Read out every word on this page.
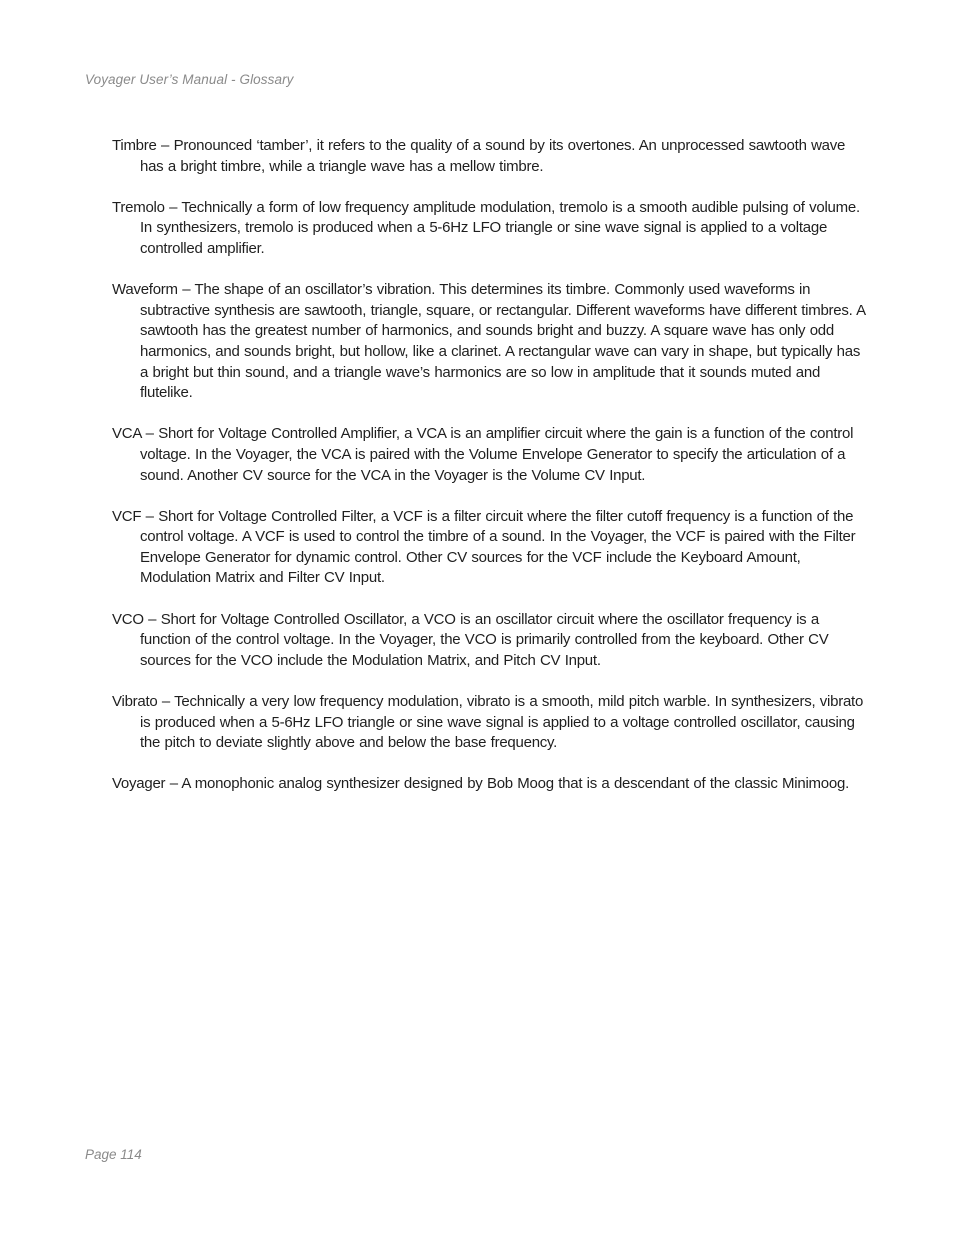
Voyager User’s Manual - Glossary

Timbre – Pronounced ‘tamber’, it refers to the quality of a sound by its overtones. An unprocessed sawtooth wave has a bright timbre, while a triangle wave has a mellow timbre.

Tremolo – Technically a form of low frequency amplitude modulation, tremolo is a smooth audible pulsing of volume. In synthesizers, tremolo is produced when a 5-6Hz LFO triangle or sine wave signal is applied to a voltage controlled amplifier.

Waveform – The shape of an oscillator’s vibration. This determines its timbre. Commonly used waveforms in subtractive synthesis are sawtooth, triangle, square, or rectangular. Different waveforms have different timbres. A sawtooth has the greatest number of harmonics, and sounds bright and buzzy. A square wave has only odd harmonics, and sounds bright, but hollow, like a clarinet. A rectangular wave can vary in shape, but typically has a bright but thin sound, and a triangle wave’s harmonics are so low in amplitude that it sounds muted and flutelike.

VCA – Short for Voltage Controlled Amplifier, a VCA is an amplifier circuit where the gain is a function of the control voltage. In the Voyager, the VCA is paired with the Volume Envelope Generator to specify the articulation of a sound. Another CV source for the VCA in the Voyager is the Volume CV Input.

VCF – Short for Voltage Controlled Filter, a VCF is a filter circuit where the filter cutoff frequency is a function of the control voltage. A VCF is used to control the timbre of a sound. In the Voyager, the VCF is paired with the Filter Envelope Generator for dynamic control. Other CV sources for the VCF include the Keyboard Amount, Modulation Matrix and Filter CV Input.

VCO – Short for Voltage Controlled Oscillator, a VCO is an oscillator circuit where the oscillator frequency is a function of the control voltage. In the Voyager, the VCO is primarily controlled from the keyboard. Other CV sources for the VCO include the Modulation Matrix, and Pitch CV Input.

Vibrato – Technically a very low frequency modulation, vibrato is a smooth, mild pitch warble. In synthesizers, vibrato is produced when a 5-6Hz LFO triangle or sine wave signal is applied to a voltage controlled oscillator, causing the pitch to deviate slightly above and below the base frequency.

Voyager – A monophonic analog synthesizer designed by Bob Moog that is a descendant of the classic Minimoog.

Page 114
